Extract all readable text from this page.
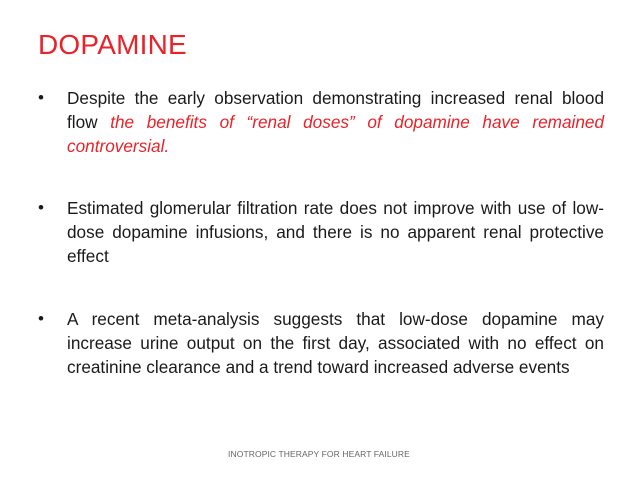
DOPAMINE
•	Despite the early observation demonstrating increased renal blood flow the benefits of “renal doses” of dopamine have remained controversial.
•	Estimated glomerular filtration rate does not improve with use of low-dose dopamine infusions, and there is no apparent renal protective effect
•	A recent meta-analysis suggests that low-dose dopamine may increase urine output on the first day, associated with no effect on creatinine clearance and a trend toward increased adverse events
INOTROPIC THERAPY FOR HEART FAILURE
